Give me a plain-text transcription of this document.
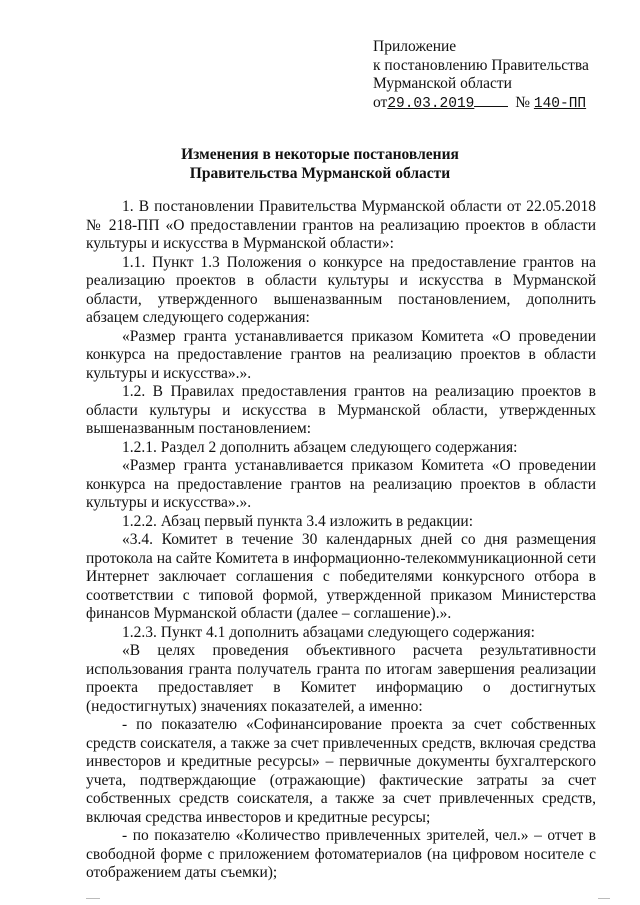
Приложение
к постановлению Правительства
Мурманской области
от29.03.2019	№ 140-ПП
Изменения в некоторые постановления
Правительства Мурманской области

1. В постановлении Правительства Мурманской области от 22.05.2018 № 218-ПП «О предоставлении грантов на реализацию проектов в области культуры и искусства в Мурманской области»:

1.1. Пункт 1.3 Положения о конкурсе на предоставление грантов на реализацию проектов в области культуры и искусства в Мурманской области, утвержденного вышеназванным постановлением, дополнить абзацем следующего содержания:

«Размер гранта устанавливается приказом Комитета «О проведении конкурса на предоставление грантов на реализацию проектов в области культуры и искусства».».

1.2. В Правилах предоставления грантов на реализацию проектов в области культуры и искусства в Мурманской области, утвержденных вышеназванным постановлением:

1.2.1. Раздел 2 дополнить абзацем следующего содержания:

«Размер гранта устанавливается приказом Комитета «О проведении конкурса на предоставление грантов на реализацию проектов в области культуры и искусства».».

1.2.2. Абзац первый пункта 3.4 изложить в редакции:

«3.4. Комитет в течение 30 календарных дней со дня размещения протокола на сайте Комитета в информационно-телекоммуникационной сети Интернет заключает соглашения с победителями конкурсного отбора в соответствии с типовой формой, утвержденной приказом Министерства финансов Мурманской области (далее – соглашение).».

1.2.3. Пункт 4.1 дополнить абзацами следующего содержания:

«В целях проведения объективного расчета результативности использования гранта получатель гранта по итогам завершения реализации проекта предоставляет в Комитет информацию о достигнутых (недостигнутых) значениях показателей, а именно:

- по показателю «Софинансирование проекта за счет собственных средств соискателя, а также за счет привлеченных средств, включая средства инвесторов и кредитные ресурсы» – первичные документы бухгалтерского учета, подтверждающие (отражающие) фактические затраты за счет собственных средств соискателя, а также за счет привлеченных средств, включая средства инвесторов и кредитные ресурсы;

- по показателю «Количество привлеченных зрителей, чел.» – отчет в свободной форме с приложением фотоматериалов (на цифровом носителе с отображением даты съемки);
